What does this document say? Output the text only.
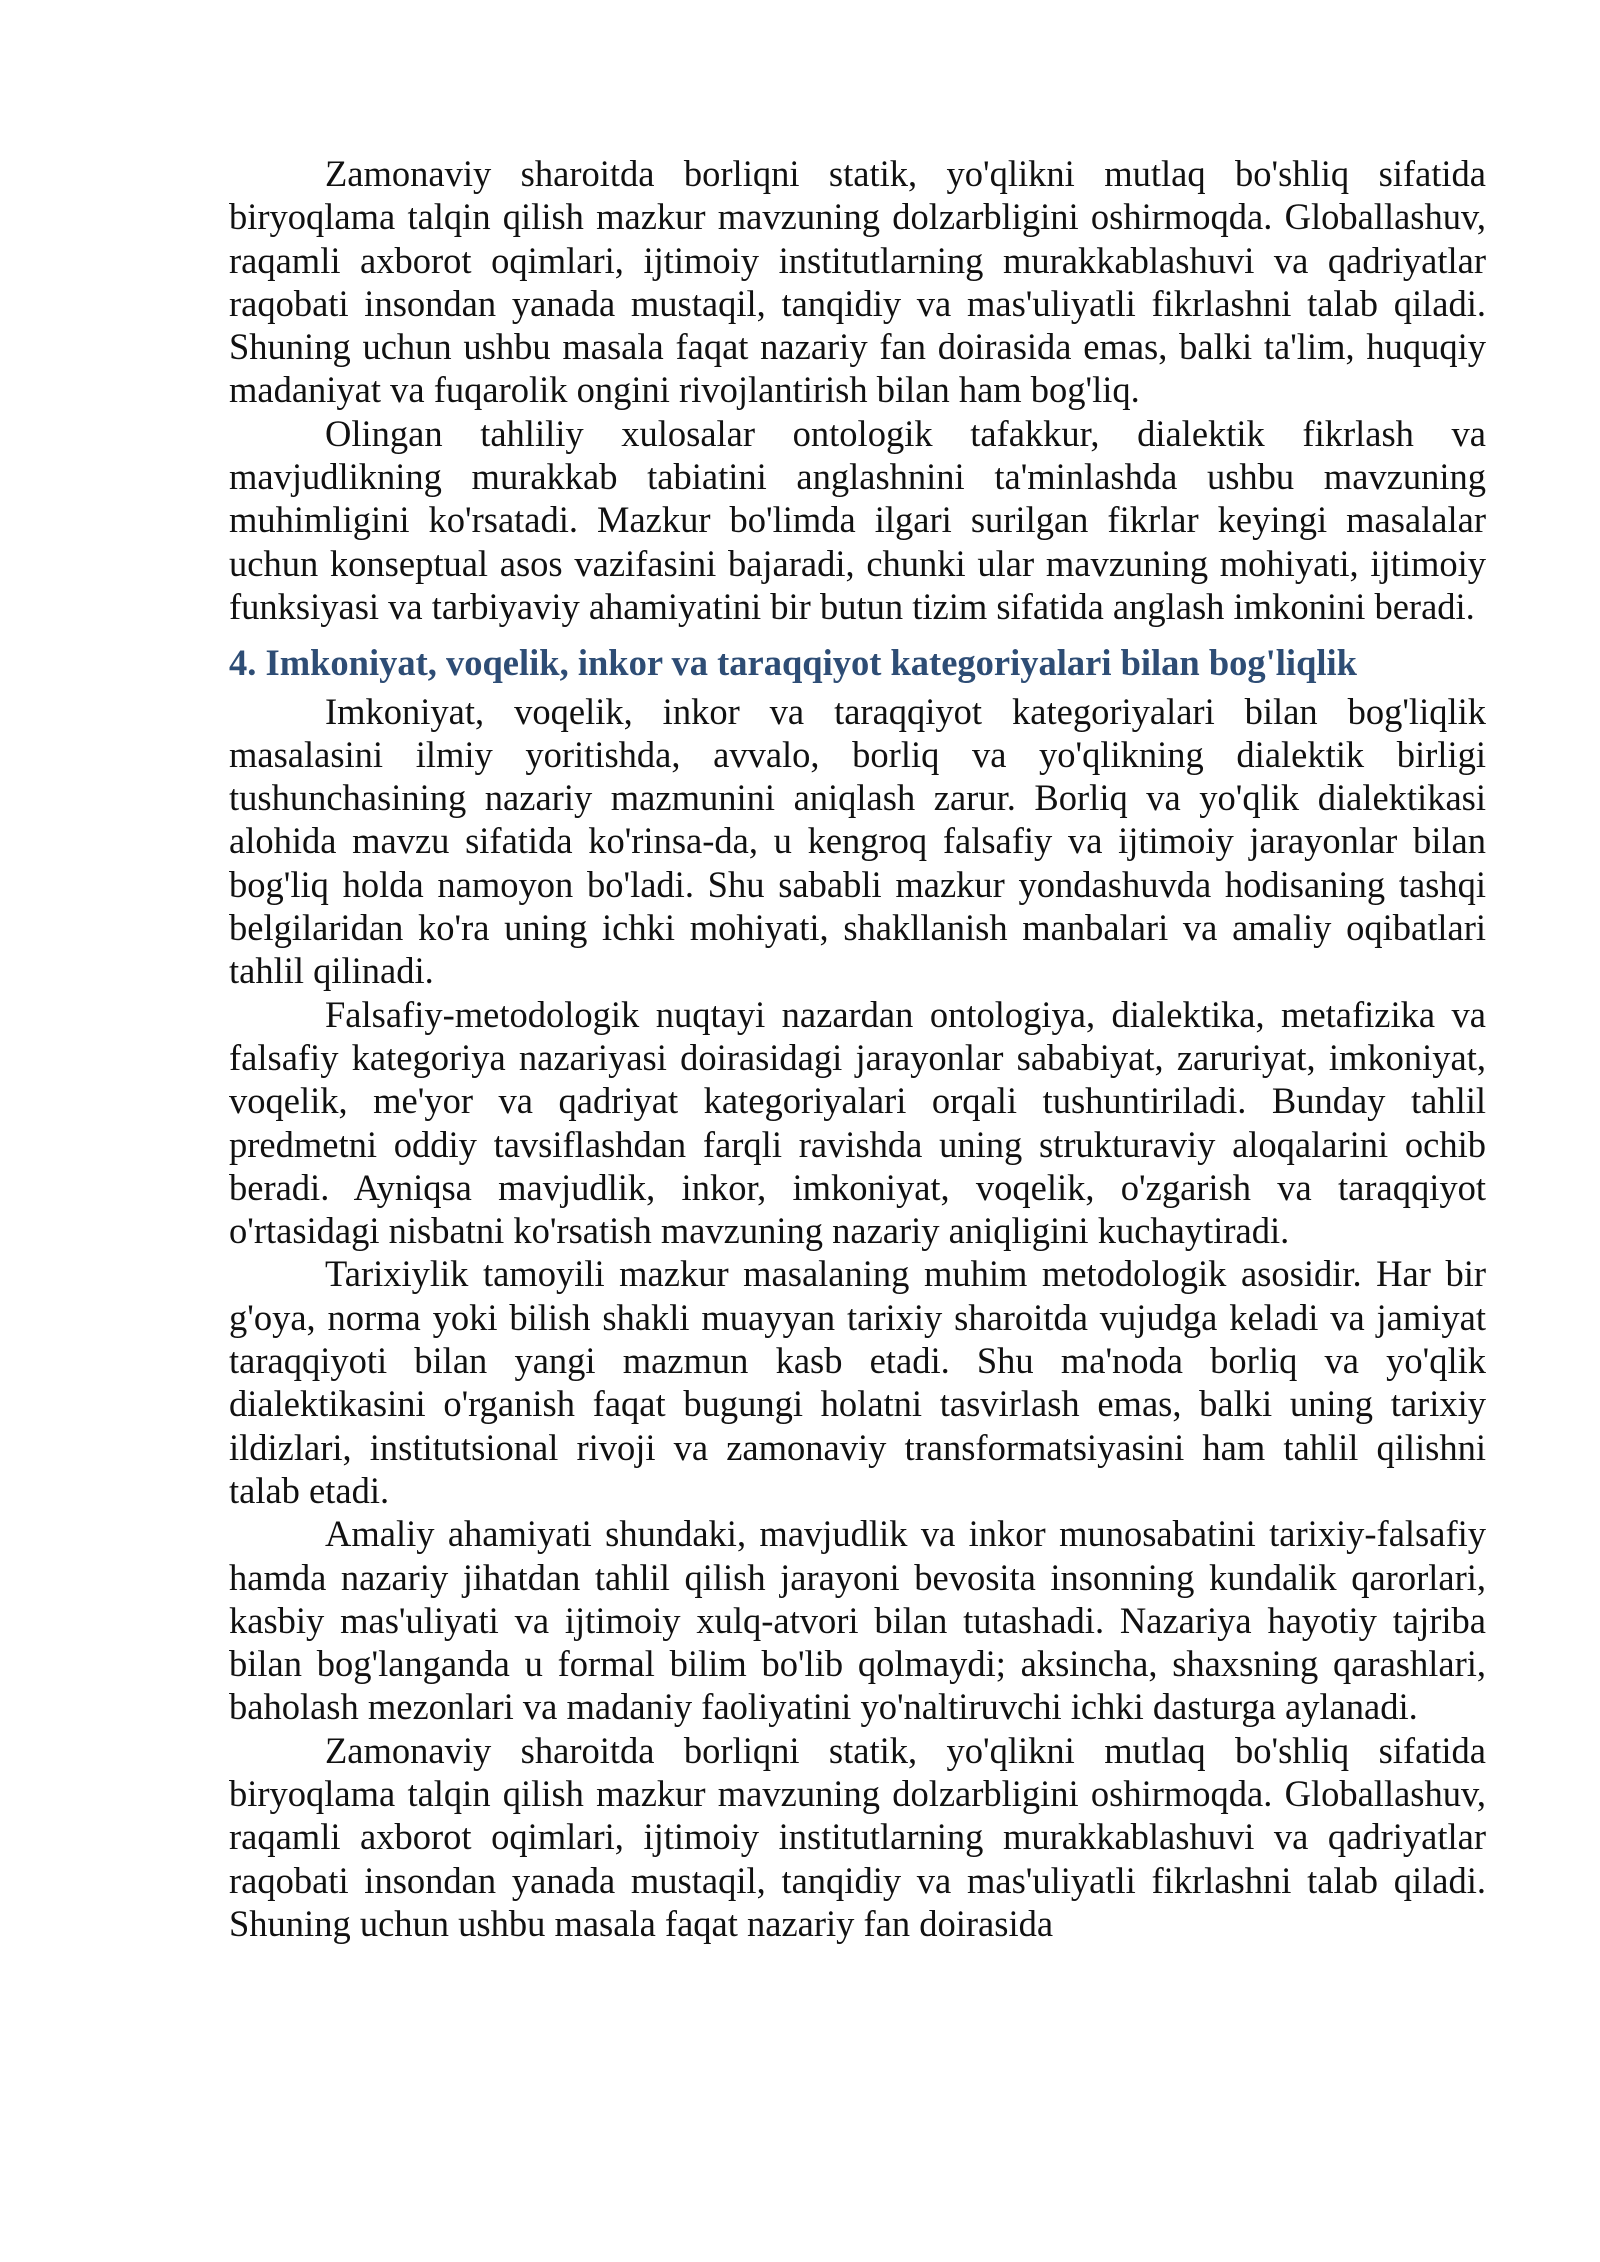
Zamonaviy sharoitda borliqni statik, yo'qlikni mutlaq bo'shliq sifatida biryoqlama talqin qilish mazkur mavzuning dolzarbligini oshirmoqda. Globallashuv, raqamli axborot oqimlari, ijtimoiy institutlarning murakkablashuvi va qadriyatlar raqobati insondan yanada mustaqil, tanqidiy va mas'uliyatli fikrlashni talab qiladi. Shuning uchun ushbu masala faqat nazariy fan doirasida emas, balki ta'lim, huquqiy madaniyat va fuqarolik ongini rivojlantirish bilan ham bog'liq.

Olingan tahliliy xulosalar ontologik tafakkur, dialektik fikrlash va mavjudlikning murakkab tabiatini anglashnini ta'minlashda ushbu mavzuning muhimligini ko'rsatadi. Mazkur bo'limda ilgari surilgan fikrlar keyingi masalalar uchun konseptual asos vazifasini bajaradi, chunki ular mavzuning mohiyati, ijtimoiy funksiyasi va tarbiyaviy ahamiyatini bir butun tizim sifatida anglash imkonini beradi.

4. Imkoniyat, voqelik, inkor va taraqqiyot kategoriyalari bilan bog'liqlik

Imkoniyat, voqelik, inkor va taraqqiyot kategoriyalari bilan bog'liqlik masalasini ilmiy yoritishda, avvalo, borliq va yo'qlikning dialektik birligi tushunchasining nazariy mazmunini aniqlash zarur. Borliq va yo'qlik dialektikasi alohida mavzu sifatida ko'rinsa-da, u kengroq falsafiy va ijtimoiy jarayonlar bilan bog'liq holda namoyon bo'ladi. Shu sababli mazkur yondashuvda hodisaning tashqi belgilaridan ko'ra uning ichki mohiyati, shakllanish manbalari va amaliy oqibatlari tahlil qilinadi.

Falsafiy-metodologik nuqtayi nazardan ontologiya, dialektika, metafizika va falsafiy kategoriya nazariyasi doirasidagi jarayonlar sababiyat, zaruriyat, imkoniyat, voqelik, me'yor va qadriyat kategoriyalari orqali tushuntiriladi. Bunday tahlil predmetni oddiy tavsiflashdan farqli ravishda uning strukturaviy aloqalarini ochib beradi. Ayniqsa mavjudlik, inkor, imkoniyat, voqelik, o'zgarish va taraqqiyot o'rtasidagi nisbatni ko'rsatish mavzuning nazariy aniqligini kuchaytiradi.

Tarixiylik tamoyili mazkur masalaning muhim metodologik asosidir. Har bir g'oya, norma yoki bilish shakli muayyan tarixiy sharoitda vujudga keladi va jamiyat taraqqiyoti bilan yangi mazmun kasb etadi. Shu ma'noda borliq va yo'qlik dialektikasini o'rganish faqat bugungi holatni tasvirlash emas, balki uning tarixiy ildizlari, institutsional rivoji va zamonaviy transformatsiyasini ham tahlil qilishni talab etadi.

Amaliy ahamiyati shundaki, mavjudlik va inkor munosabatini tarixiy-falsafiy hamda nazariy jihatdan tahlil qilish jarayoni bevosita insonning kundalik qarorlari, kasbiy mas'uliyati va ijtimoiy xulq-atvori bilan tutashadi. Nazariya hayotiy tajriba bilan bog'langanda u formal bilim bo'lib qolmaydi; aksincha, shaxsning qarashlari, baholash mezonlari va madaniy faoliyatini yo'naltiruvchi ichki dasturga aylanadi.

Zamonaviy sharoitda borliqni statik, yo'qlikni mutlaq bo'shliq sifatida biryoqlama talqin qilish mazkur mavzuning dolzarbligini oshirmoqda. Globallashuv, raqamli axborot oqimlari, ijtimoiy institutlarning murakkablashuvi va qadriyatlar raqobati insondan yanada mustaqil, tanqidiy va mas'uliyatli fikrlashni talab qiladi. Shuning uchun ushbu masala faqat nazariy fan doirasida
